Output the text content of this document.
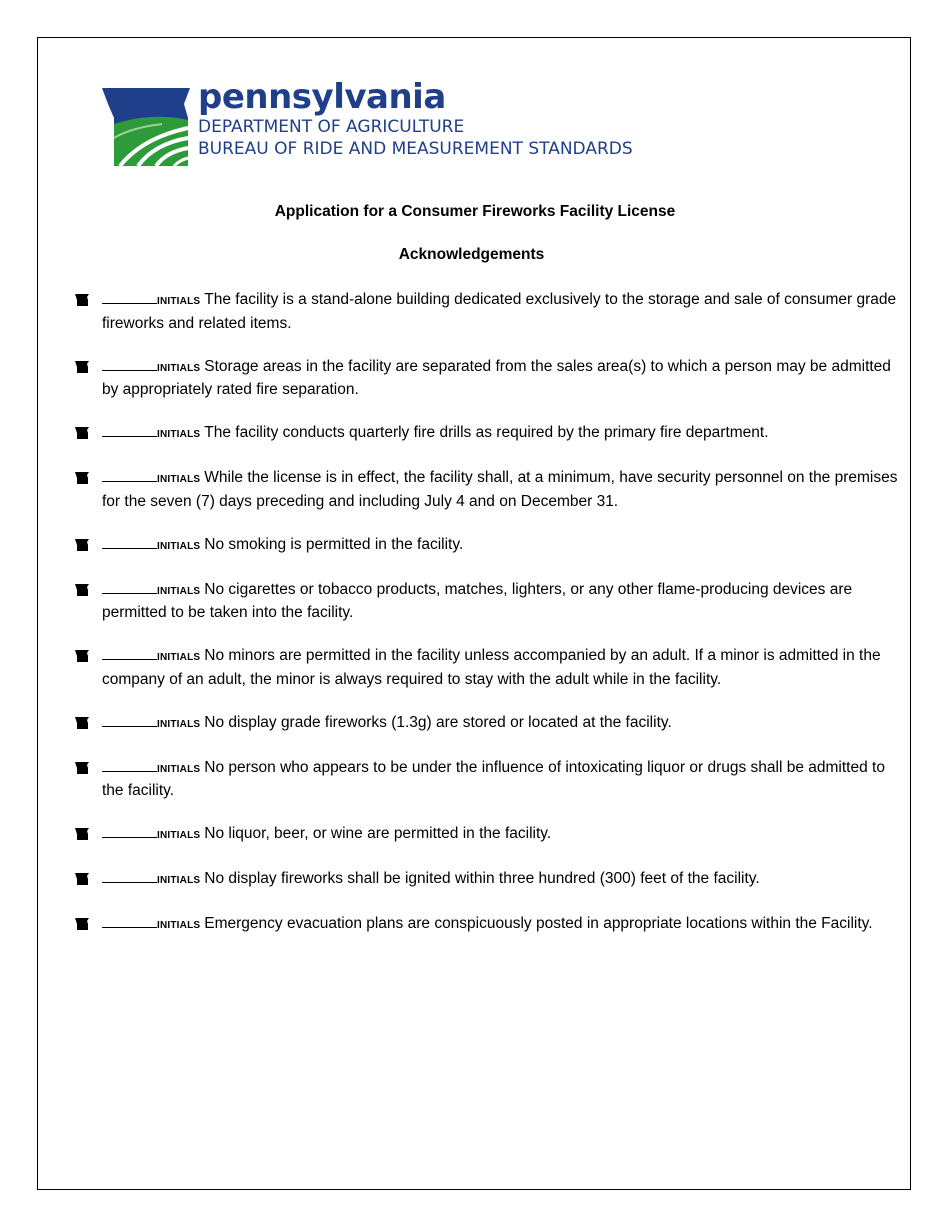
pennsylvania
DEPARTMENT OF AGRICULTURE
BUREAU OF RIDE AND MEASUREMENT STANDARDS
Application for a Consumer Fireworks Facility License
Acknowledgements
INITIALS The facility is a stand-alone building dedicated exclusively to the storage and sale of consumer grade fireworks and related items.
INITIALS Storage areas in the facility are separated from the sales area(s) to which a person may be admitted by appropriately rated fire separation.
INITIALS The facility conducts quarterly fire drills as required by the primary fire department.
INITIALS While the license is in effect, the facility shall, at a minimum, have security personnel on the premises for the seven (7) days preceding and including July 4 and on December 31.
INITIALS No smoking is permitted in the facility.
INITIALS No cigarettes or tobacco products, matches, lighters, or any other flame-producing devices are permitted to be taken into the facility.
INITIALS No minors are permitted in the facility unless accompanied by an adult. If a minor is admitted in the company of an adult, the minor is always required to stay with the adult while in the facility.
INITIALS No display grade fireworks (1.3g) are stored or located at the facility.
INITIALS No person who appears to be under the influence of intoxicating liquor or drugs shall be admitted to the facility.
INITIALS No liquor, beer, or wine are permitted in the facility.
INITIALS No display fireworks shall be ignited within three hundred (300) feet of the facility.
INITIALS Emergency evacuation plans are conspicuously posted in appropriate locations within the Facility.
